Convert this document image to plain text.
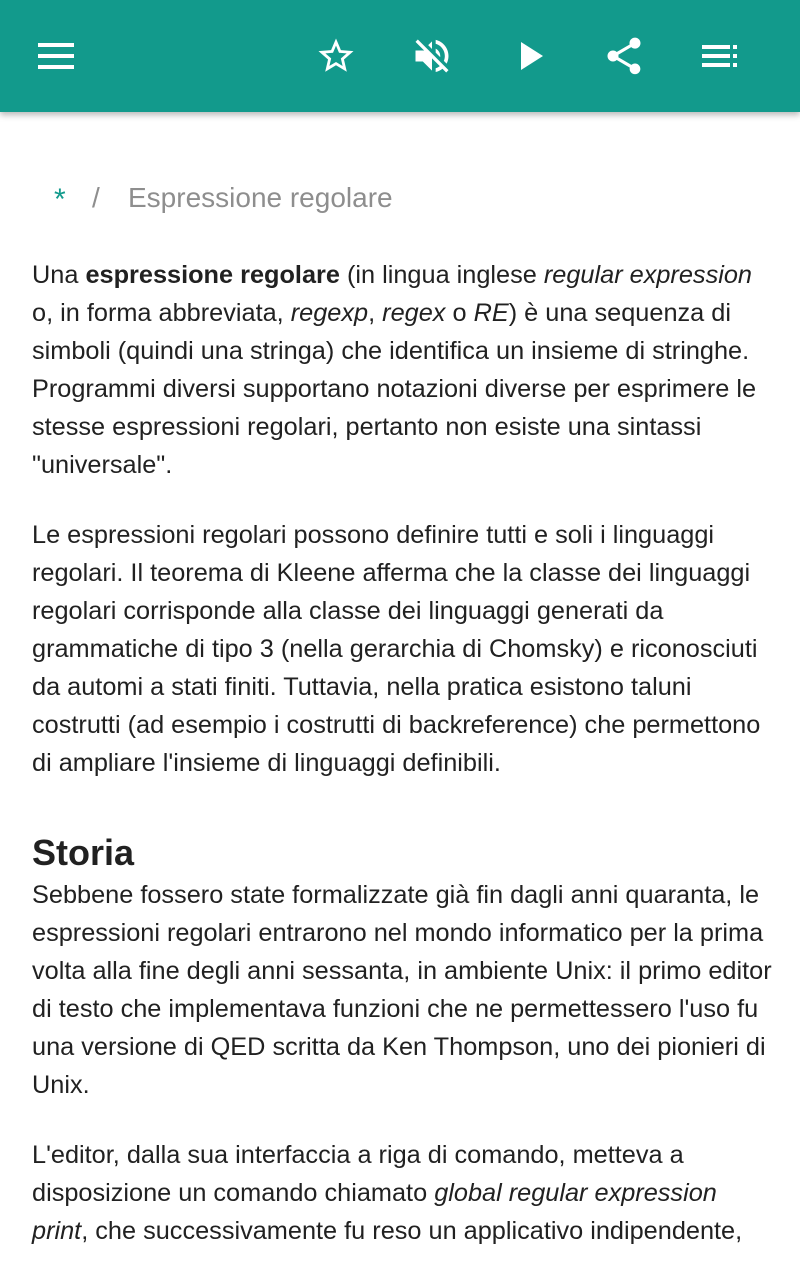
* / Espressione regolare

Una espressione regolare (in lingua inglese regular expression o, in forma abbreviata, regexp, regex o RE) è una sequenza di simboli (quindi una stringa) che identifica un insieme di stringhe. Programmi diversi supportano notazioni diverse per esprimere le stesse espressioni regolari, pertanto non esiste una sintassi "universale".

Le espressioni regolari possono definire tutti e soli i linguaggi regolari. Il teorema di Kleene afferma che la classe dei linguaggi regolari corrisponde alla classe dei linguaggi generati da grammatiche di tipo 3 (nella gerarchia di Chomsky) e riconosciuti da automi a stati finiti. Tuttavia, nella pratica esistono taluni costrutti (ad esempio i costrutti di backreference) che permettono di ampliare l'insieme di linguaggi definibili.

Storia

Sebbene fossero state formalizzate già fin dagli anni quaranta, le espressioni regolari entrarono nel mondo informatico per la prima volta alla fine degli anni sessanta, in ambiente Unix: il primo editor di testo che implementava funzioni che ne permettessero l'uso fu una versione di QED scritta da Ken Thompson, uno dei pionieri di Unix.

L'editor, dalla sua interfaccia a riga di comando, metteva a disposizione un comando chiamato global regular expression print, che successivamente fu reso un applicativo indipendente,
